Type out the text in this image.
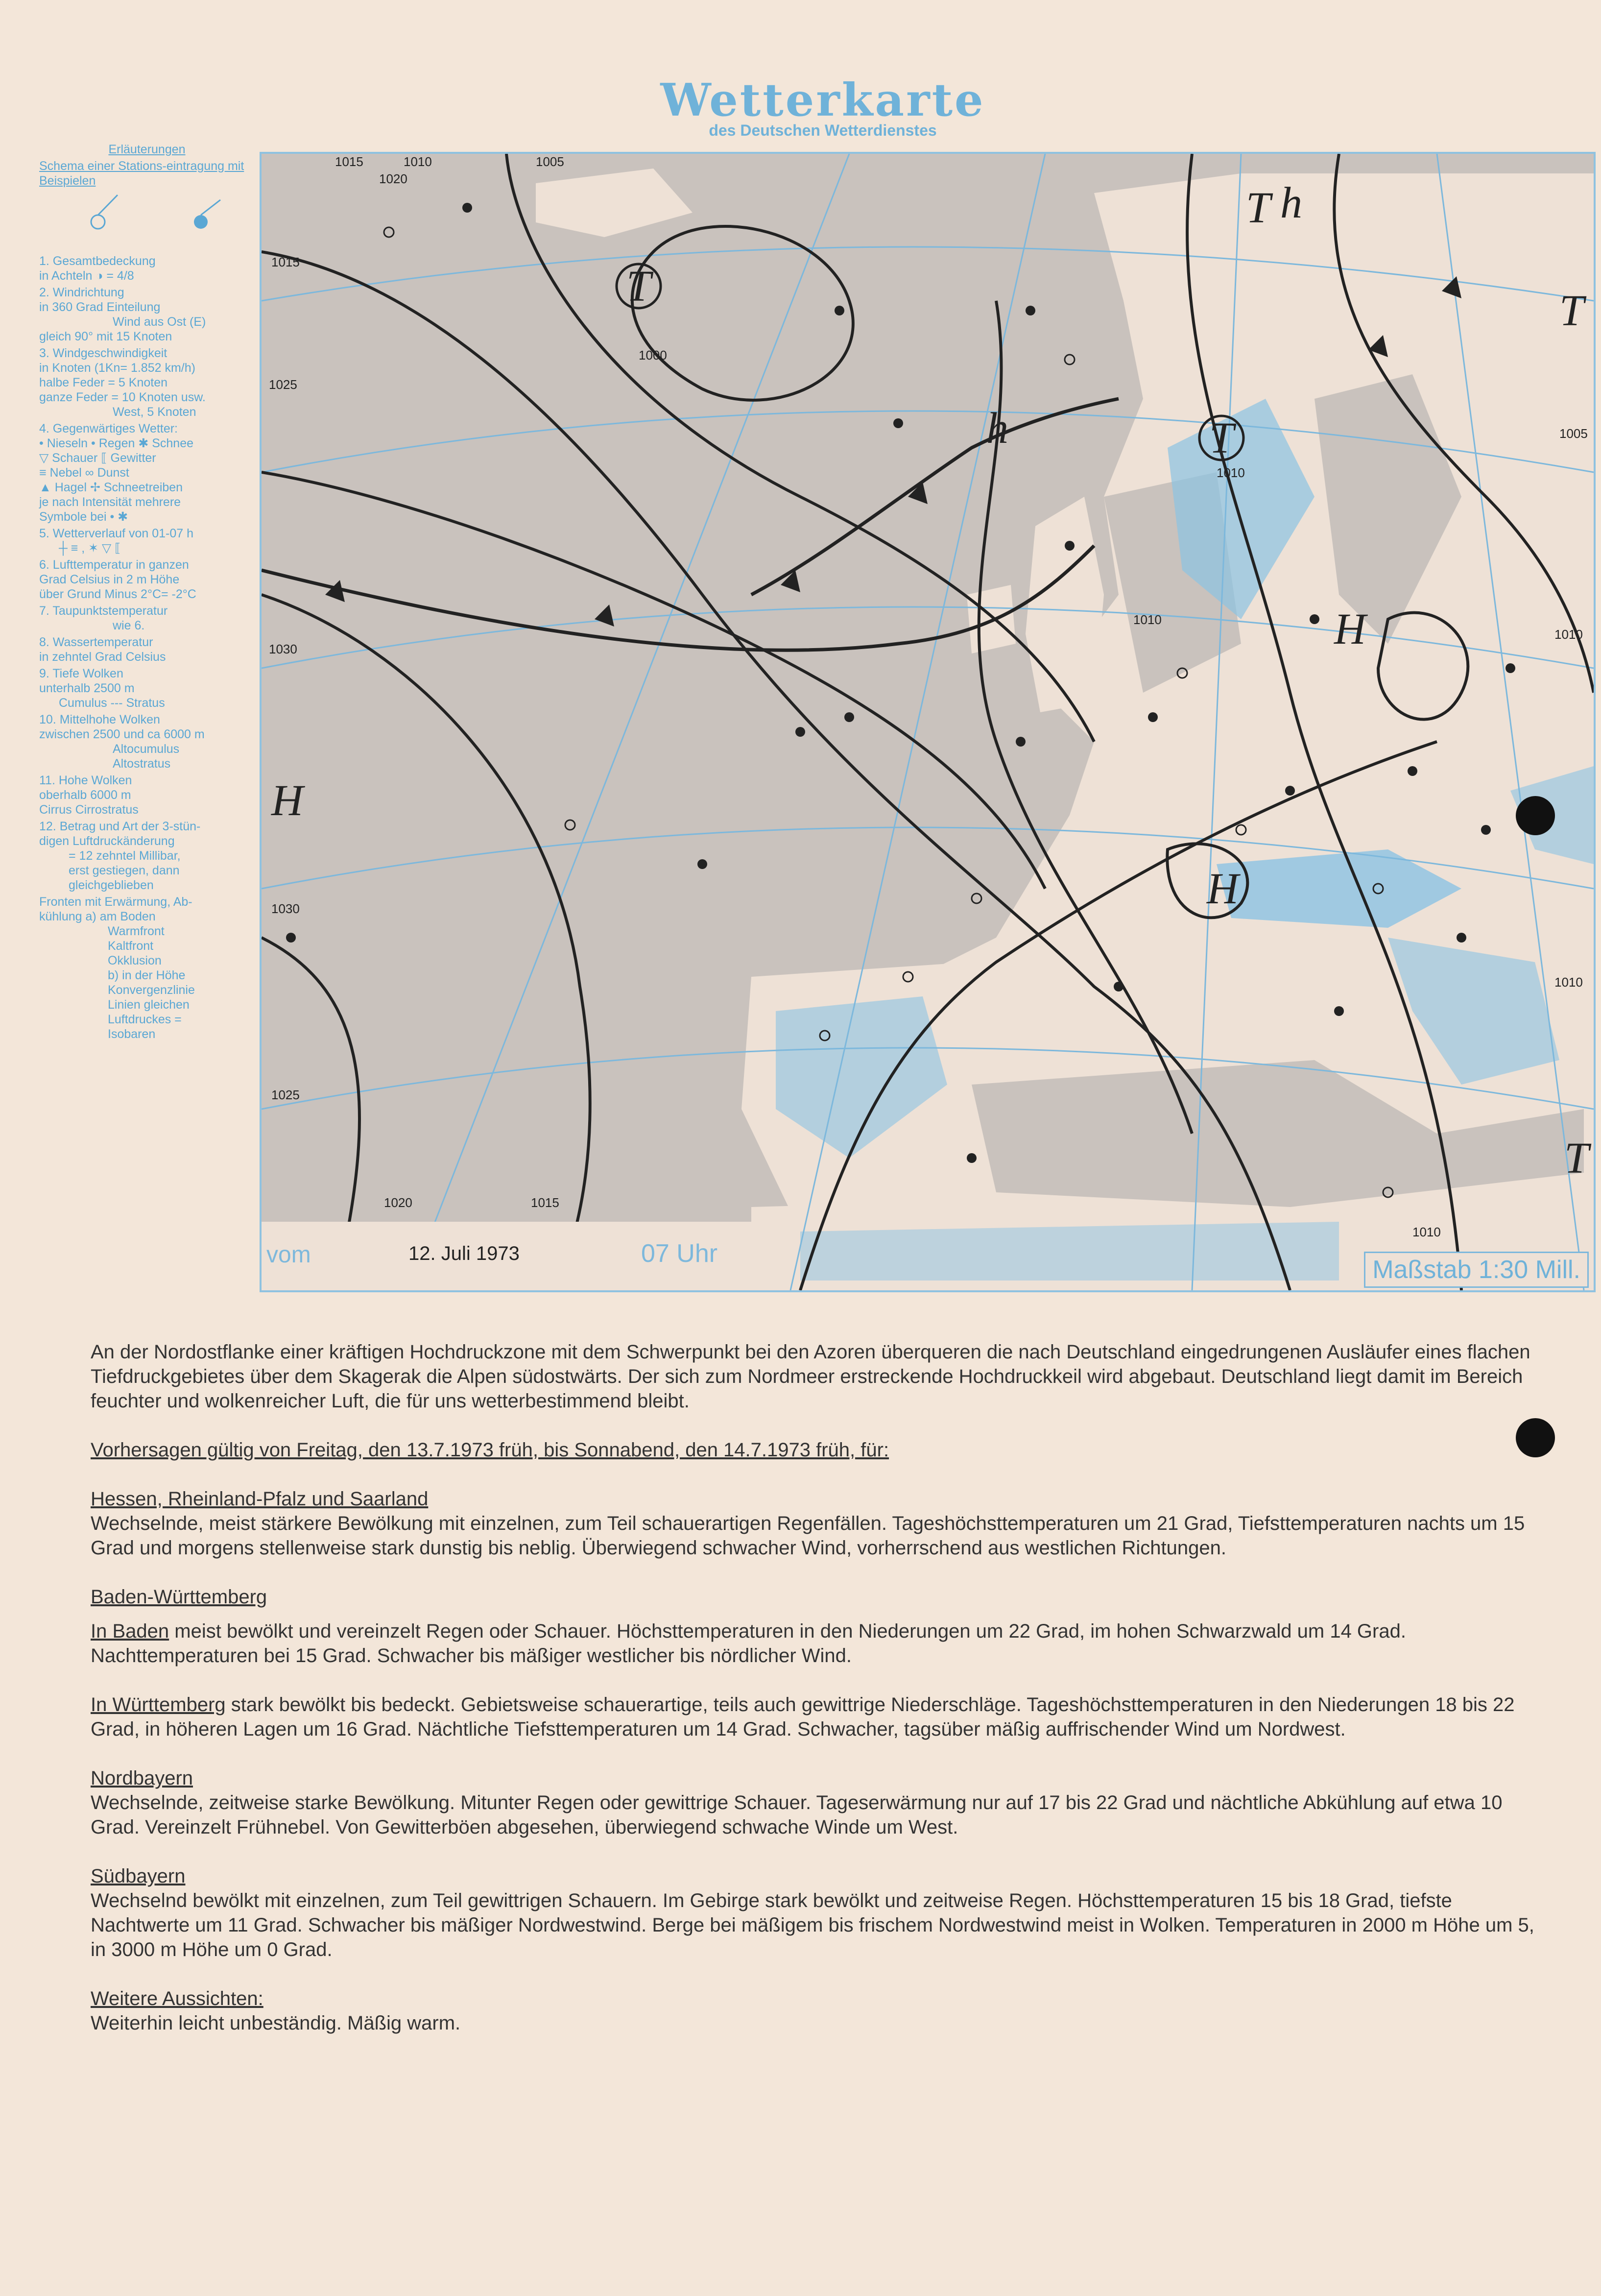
Wetterkarte
des Deutschen Wetterdienstes
Erläuterungen
Schema einer Stations-eintragung mit Beispielen
1. Gesamtbedeckung
in Achteln ◑ = 4/8
2. Windrichtung
in 360 Grad Einteilung
Wind aus Ost (E)
gleich 90° mit 15 Knoten
3. Windgeschwindigkeit
in Knoten (1Kn= 1.852 km/h)
halbe Feder = 5 Knoten
ganze Feder = 10 Knoten usw.
West, 5 Knoten
4. Gegenwärtiges Wetter:
• Nieseln • Regen ✱ Schnee
▽ Schauer ⟦ Gewitter
≡ Nebel ∞ Dunst
▲ Hagel ✢ Schneetreiben
je nach Intensität mehrere
Symbole bei • ✱
5. Wetterverlauf von 01-07 h
┼ ≡ , ✶ ▽ ⟦
6. Lufttemperatur in ganzen
Grad Celsius in 2 m Höhe
über Grund Minus 2°C= -2°C
7. Taupunktstemperatur
wie 6.
8. Wassertemperatur
in zehntel Grad Celsius
9. Tiefe Wolken
unterhalb 2500 m
Cumulus --- Stratus
10. Mittelhohe Wolken
zwischen 2500 und ca 6000 m
Altocumulus
Altostratus
11. Hohe Wolken
oberhalb 6000 m
Cirrus Cirrostratus
12. Betrag und Art der 3-stün-
digen Luftdruckänderung
= 12 zehntel Millibar,
erst gestiegen, dann
gleichgeblieben
Fronten mit Erwärmung, Ab-
kühlung a) am Boden
Warmfront
Kaltfront
Okklusion
b) in der Höhe
Konvergenzlinie
Linien gleichen
Luftdruckes =
Isobaren
T
H
h	T
H
H
T
T
h
T
1015	1010	1005
1000
1025
1030
1020	1015
1010
1010
1005
1010
1010
1030
1025
1020
1015
1010
vom	12. Juli 1973	07 Uhr
Maßstab 1:30 Mill.

An der Nordostflanke einer kräftigen Hochdruckzone mit dem Schwerpunkt bei den Azoren überqueren die nach Deutschland eingedrungenen Ausläufer eines flachen Tiefdruckgebietes über dem Skagerak die Alpen südostwärts. Der sich zum Nordmeer erstreckende Hochdruckkeil wird abgebaut. Deutschland liegt damit im Bereich feuchter und wolkenreicher Luft, die für uns wetterbestimmend bleibt.

Vorhersagen gültig von Freitag, den 13.7.1973 früh, bis Sonnabend, den 14.7.1973 früh, für:

Hessen, Rheinland-Pfalz und Saarland
Wechselnde, meist stärkere Bewölkung mit einzelnen, zum Teil schauerartigen Regenfällen. Tageshöchsttemperaturen um 21 Grad, Tiefsttemperaturen nachts um 15 Grad und morgens stellenweise stark dunstig bis neblig. Überwiegend schwacher Wind, vorherrschend aus westlichen Richtungen.

Baden-Württemberg

In Baden meist bewölkt und vereinzelt Regen oder Schauer. Höchsttemperaturen in den Niederungen um 22 Grad, im hohen Schwarzwald um 14 Grad. Nachttemperaturen bei 15 Grad. Schwacher bis mäßiger westlicher bis nördlicher Wind.

In Württemberg stark bewölkt bis bedeckt. Gebietsweise schauerartige, teils auch gewittrige Niederschläge. Tageshöchsttemperaturen in den Niederungen 18 bis 22 Grad, in höheren Lagen um 16 Grad. Nächtliche Tiefsttemperaturen um 14 Grad. Schwacher, tagsüber mäßig auffrischender Wind um Nordwest.

Nordbayern
Wechselnde, zeitweise starke Bewölkung. Mitunter Regen oder gewittrige Schauer. Tageserwärmung nur auf 17 bis 22 Grad und nächtliche Abkühlung auf etwa 10 Grad. Vereinzelt Frühnebel. Von Gewitterböen abgesehen, überwiegend schwache Winde um West.

Südbayern
Wechselnd bewölkt mit einzelnen, zum Teil gewittrigen Schauern. Im Gebirge stark bewölkt und zeitweise Regen. Höchsttemperaturen 15 bis 18 Grad, tiefste Nachtwerte um 11 Grad. Schwacher bis mäßiger Nordwestwind. Berge bei mäßigem bis frischem Nordwestwind meist in Wolken. Temperaturen in 2000 m Höhe um 5, in 3000 m Höhe um 0 Grad.

Weitere Aussichten:
Weiterhin leicht unbeständig. Mäßig warm.
